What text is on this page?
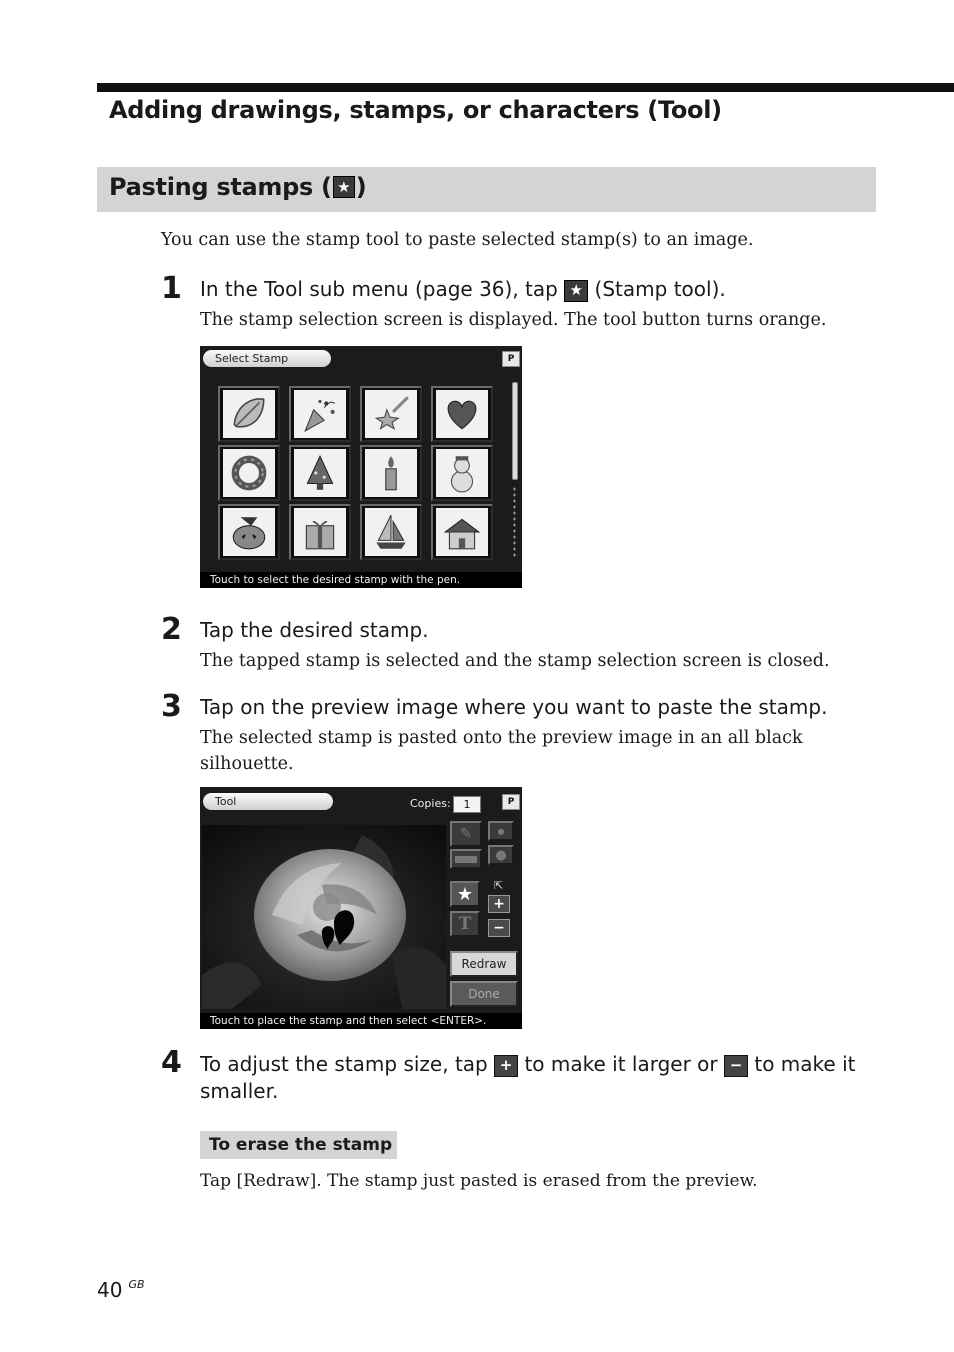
Adding drawings, stamps, or characters (Tool)
Pasting stamps ( ★ )
You can use the stamp tool to paste selected stamp(s) to an image.
1 In the Tool sub menu (page 36), tap ★ (Stamp tool).
The stamp selection screen is displayed. The tool button turns orange.
Select Stamp	P
Touch to select the desired stamp with the pen.
2 Tap the desired stamp.
The tapped stamp is selected and the stamp selection screen is closed.
3 Tap on the preview image where you want to paste the stamp.
The selected stamp is pasted onto the preview image in an all black silhouette.
Tool	Copies:	1	P
✎	●
●
★
T
⇱
+
−
Redraw
Done
Touch to place the stamp and then select <ENTER>.
4 To adjust the stamp size, tap + to make it larger or − to make it smaller.
To erase the stamp
Tap [Redraw]. The stamp just pasted is erased from the preview.
40 $^{GB}$
